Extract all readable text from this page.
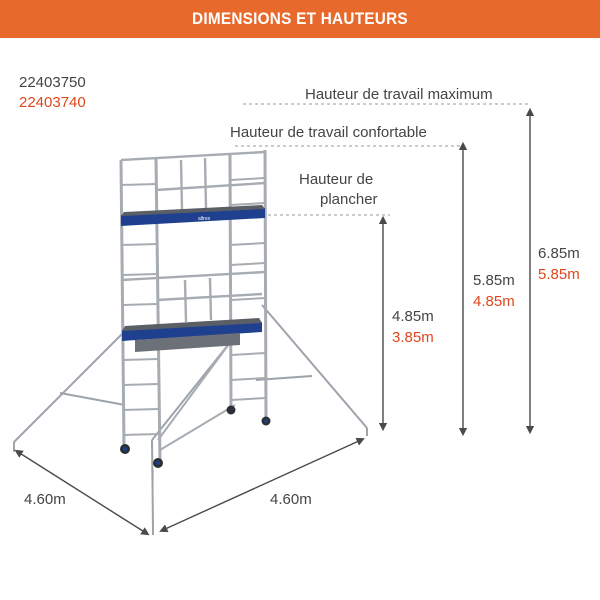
DIMENSIONS ET HAUTEURS
22403750
22403740
altrex
Hauteur de travail maximum
Hauteur de travail confortable
Hauteur de
plancher
6.85m
5.85m
5.85m
4.85m
4.85m
3.85m
4.60m	4.60m
